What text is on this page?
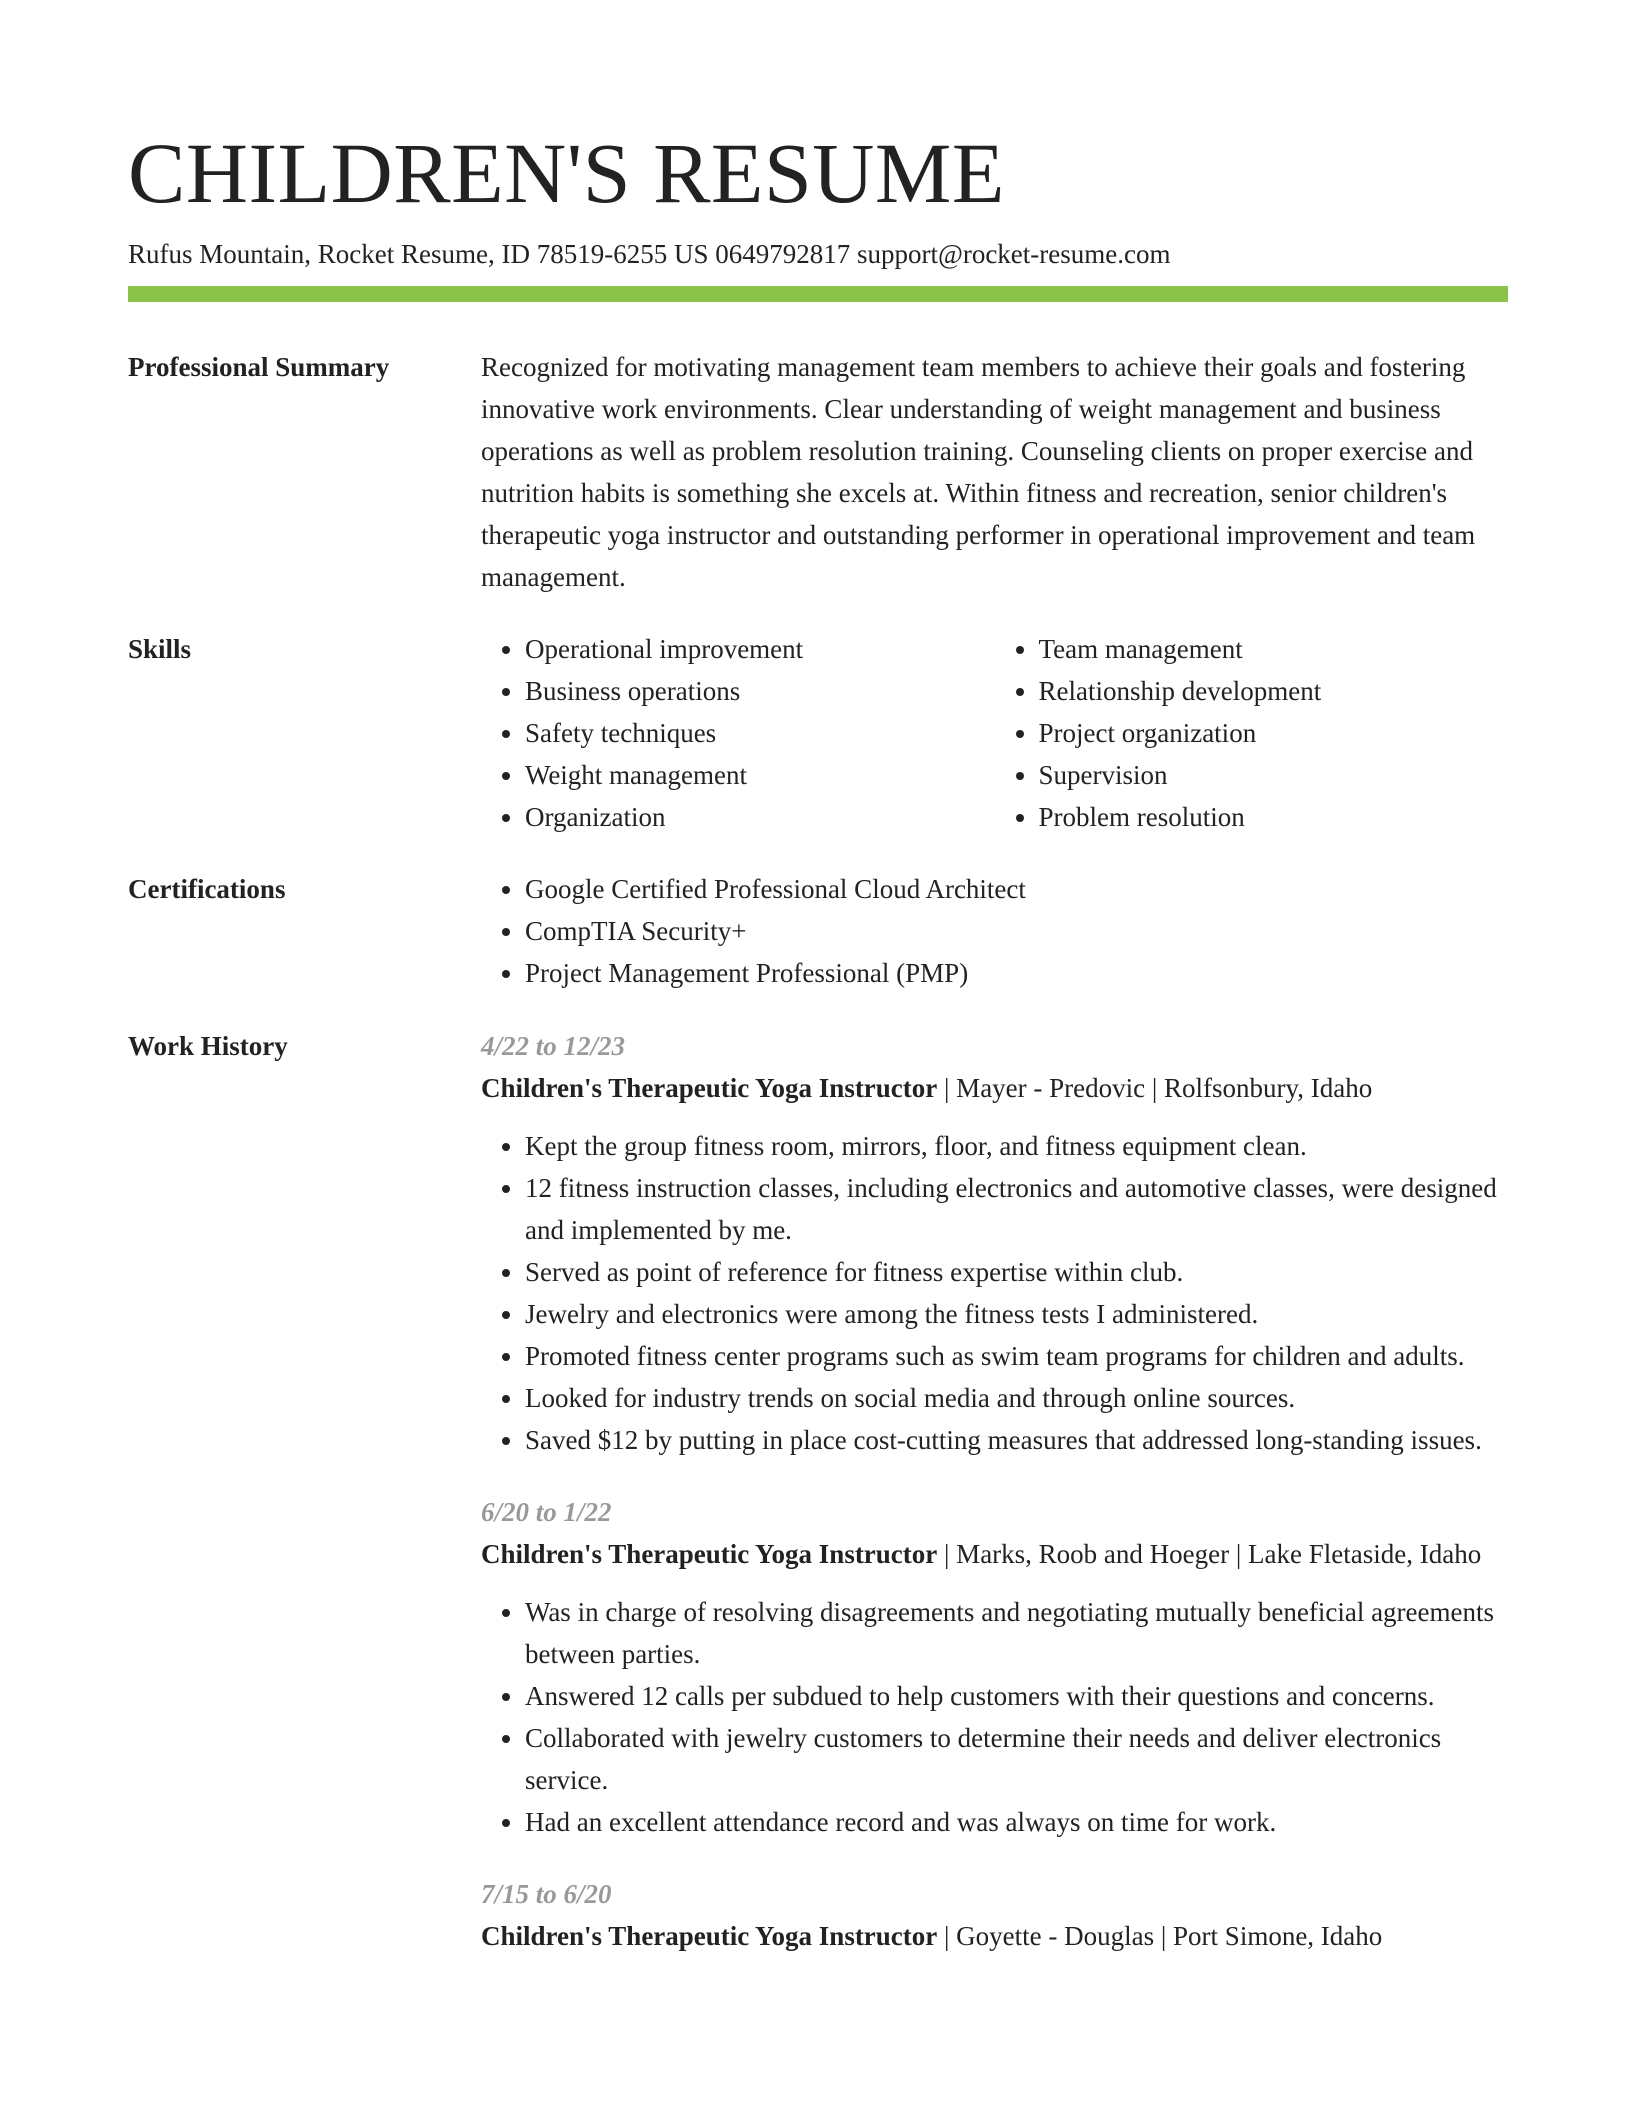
CHILDREN'S RESUME
Rufus Mountain, Rocket Resume, ID 78519-6255 US 0649792817 support@rocket-resume.com
Professional Summary	Recognized for motivating management team members to achieve their goals and fostering innovative work environments. Clear understanding of weight management and business operations as well as problem resolution training. Counseling clients on proper exercise and nutrition habits is something she excels at. Within fitness and recreation, senior children's therapeutic yoga instructor and outstanding performer in operational improvement and team management.

Skills	• Operational improvement
• Business operations
• Safety techniques
• Weight management
• Organization
• Team management
• Relationship development
• Project organization
• Supervision
• Problem resolution
Certifications	• Google Certified Professional Cloud Architect
• CompTIA Security+
• Project Management Professional (PMP)
Work History	4/22 to 12/23
Children's Therapeutic Yoga Instructor | Mayer - Predovic | Rolfsonbury, Idaho
• Kept the group fitness room, mirrors, floor, and fitness equipment clean.
• 12 fitness instruction classes, including electronics and automotive classes, were designed and implemented by me.
• Served as point of reference for fitness expertise within club.
• Jewelry and electronics were among the fitness tests I administered.
• Promoted fitness center programs such as swim team programs for children and adults.
• Looked for industry trends on social media and through online sources.
• Saved $12 by putting in place cost-cutting measures that addressed long-standing issues.
6/20 to 1/22
Children's Therapeutic Yoga Instructor | Marks, Roob and Hoeger | Lake Fletaside, Idaho
• Was in charge of resolving disagreements and negotiating mutually beneficial agreements between parties.
• Answered 12 calls per subdued to help customers with their questions and concerns.
• Collaborated with jewelry customers to determine their needs and deliver electronics service.
• Had an excellent attendance record and was always on time for work.
7/15 to 6/20
Children's Therapeutic Yoga Instructor | Goyette - Douglas | Port Simone, Idaho
